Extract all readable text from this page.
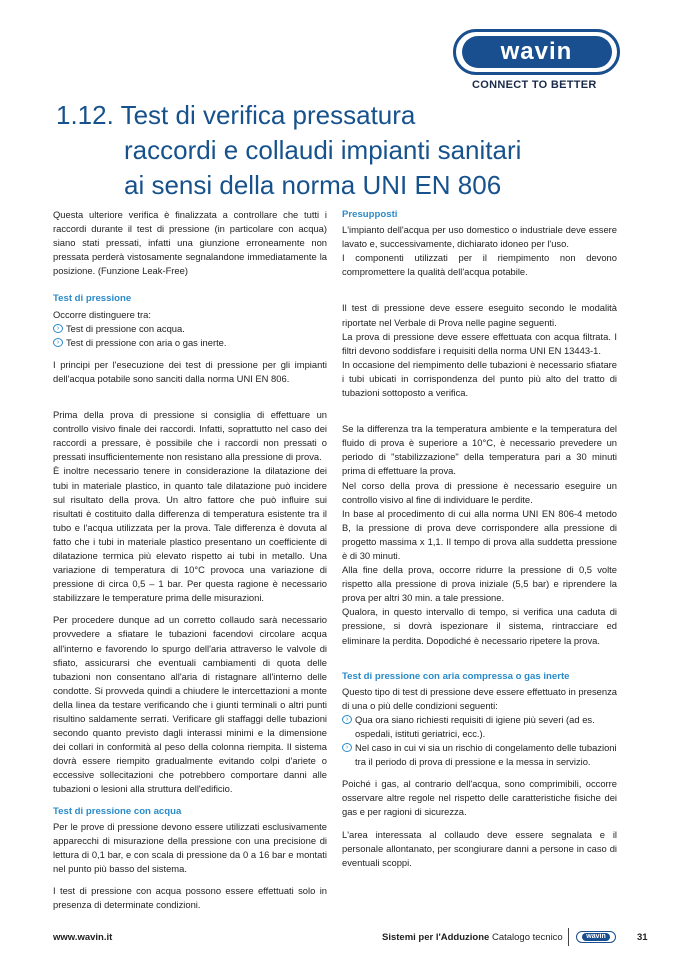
wavin
CONNECT TO BETTER
1.12. Test di verifica pressatura
raccordi e collaudi impianti sanitari
ai sensi della norma UNI EN 806

Questa ulteriore verifica è finalizzata a controllare che tutti i raccordi durante il test di pressione (in particolare con acqua) siano stati pressati, infatti una giunzione erroneamente non pressata perderà vistosamente segnalandone immediatamente la posizione. (Funzione Leak-Free)

Test di pressione

Occorre distinguere tra:

› Test di pressione con acqua.
› Test di pressione con aria o gas inerte.

I principi per l'esecuzione dei test di pressione per gli impianti dell'acqua potabile sono sanciti dalla norma UNI EN 806.

Prima della prova di pressione si consiglia di effettuare un controllo visivo finale dei raccordi. Infatti, soprattutto nel caso dei raccordi a pressare, è possibile che i raccordi non pressati o pressati insufficientemente non resistano alla pressione di prova.

È inoltre necessario tenere in considerazione la dilatazione dei tubi in materiale plastico, in quanto tale dilatazione può incidere sul risultato della prova. Un altro fattore che può influire sui risultati è costituito dalla differenza di temperatura esistente tra il tubo e l'acqua utilizzata per la prova. Tale differenza è dovuta al fatto che i tubi in materiale plastico presentano un coefficiente di dilatazione termica più elevato rispetto ai tubi in metallo. Una variazione di temperatura di 10°C provoca una variazione di pressione di circa 0,5 – 1 bar. Per questa ragione è necessario stabilizzare le temperature prima delle misurazioni.

Per procedere dunque ad un corretto collaudo sarà necessario provvedere a sfiatare le tubazioni facendovi circolare acqua all'interno e favorendo lo spurgo dell'aria attraverso le valvole di sfiato, assicurarsi che eventuali cambiamenti di quota delle tubazioni non consentano all'aria di ristagnare all'interno delle condotte. Si provveda quindi a chiudere le intercettazioni a monte della linea da testare verificando che i giunti terminali o altri punti risultino saldamente serrati. Verificare gli staffaggi delle tubazioni secondo quanto previsto dagli interassi minimi e la dimensione dei collari in conformità al peso della colonna riempita. Il sistema dovrà essere riempito gradualmente evitando colpi d'ariete o eccessive sollecitazioni che potrebbero comportare danni alle tubazioni o lesioni alla struttura dell'edificio.

Test di pressione con acqua

Per le prove di pressione devono essere utilizzati esclusivamente apparecchi di misurazione della pressione con una precisione di lettura di 0,1 bar, e con scala di pressione da 0 a 16 bar e montati nel punto più basso del sistema.

I test di pressione con acqua possono essere effettuati solo in presenza di determinate condizioni.

Presupposti

L'impianto dell'acqua per uso domestico o industriale deve essere lavato e, successivamente, dichiarato idoneo per l'uso.

I componenti utilizzati per il riempimento non devono compromettere la qualità dell'acqua potabile.

Il test di pressione deve essere eseguito secondo le modalità riportate nel Verbale di Prova nelle pagine seguenti.

La prova di pressione deve essere effettuata con acqua filtrata. I filtri devono soddisfare i requisiti della norma UNI EN 13443-1.

In occasione del riempimento delle tubazioni è necessario sfiatare i tubi ubicati in corrispondenza del punto più alto del tratto di tubazioni sottoposto a verifica.

Se la differenza tra la temperatura ambiente e la temperatura del fluido di prova è superiore a 10°C, è necessario prevedere un periodo di "stabilizzazione" della temperatura pari a 30 minuti prima di effettuare la prova.

Nel corso della prova di pressione è necessario eseguire un controllo visivo al fine di individuare le perdite.

In base al procedimento di cui alla norma UNI EN 806-4 metodo B, la pressione di prova deve corrispondere alla pressione di progetto massima x 1,1. Il tempo di prova alla suddetta pressione è di 30 minuti.

Alla fine della prova, occorre ridurre la pressione di 0,5 volte rispetto alla pressione di prova iniziale (5,5 bar) e riprendere la prova per altri 30 min. a tale pressione.

Qualora, in questo intervallo di tempo, si verifica una caduta di pressione, si dovrà ispezionare il sistema, rintracciare ed eliminare la perdita. Dopodiché è necessario ripetere la prova.

Test di pressione con aria compressa o gas inerte

Questo tipo di test di pressione deve essere effettuato in presenza di una o più delle condizioni seguenti:

› Qua ora siano richiesti requisiti di igiene più severi (ad es. ospedali, istituti geriatrici, ecc.).
› Nel caso in cui vi sia un rischio di congelamento delle tubazioni tra il periodo di prova di pressione e la messa in servizio.

Poiché i gas, al contrario dell'acqua, sono comprimibili, occorre osservare altre regole nel rispetto delle caratteristiche fisiche dei gas e per ragioni di sicurezza.

L'area interessata al collaudo deve essere segnalata e il personale allontanato, per scongiurare danni a persone in caso di eventuali scoppi.

www.wavin.it	Sistemi per l'Adduzione Catalogo tecnico	wavin	31
